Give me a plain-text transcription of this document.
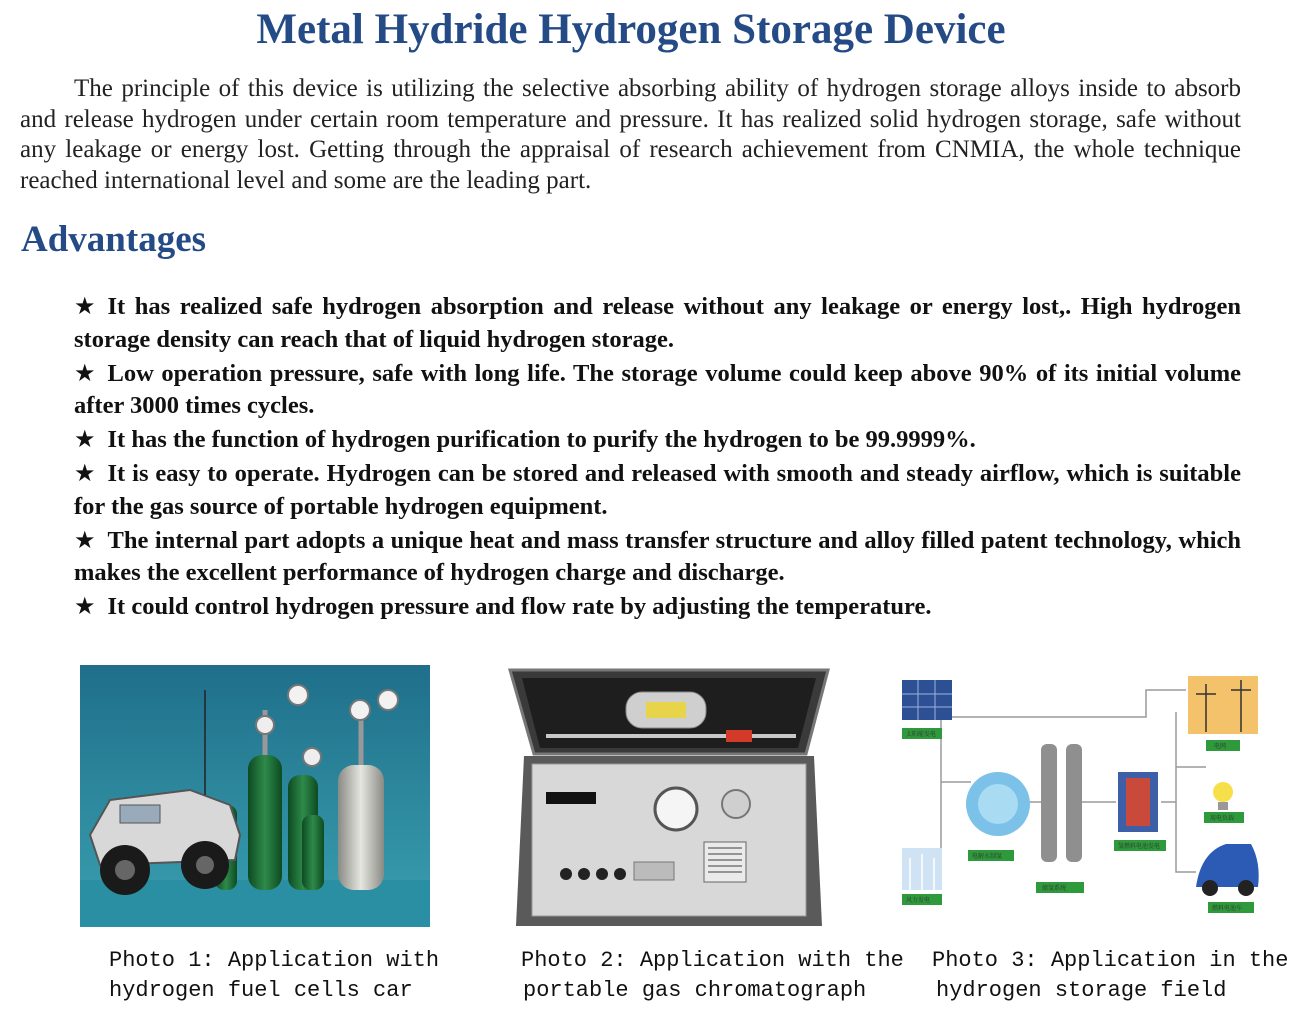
Metal Hydride Hydrogen Storage Device
The principle of this device is utilizing the selective absorbing ability of hydrogen storage alloys inside to absorb and release hydrogen under certain room temperature and pressure. It has realized solid hydrogen storage, safe without any leakage or energy lost. Getting through the appraisal of research achievement from CNMIA, the whole technique reached international level and some are the leading part.
Advantages
★ It has realized safe hydrogen absorption and release without any leakage or energy lost,. High hydrogen storage density can reach that of liquid hydrogen storage.
★ Low operation pressure, safe with long life. The storage volume could keep above 90% of its initial volume after 3000 times cycles.
★ It has the function of hydrogen purification to purify the hydrogen to be 99.9999%.
★ It is easy to operate. Hydrogen can be stored and released with smooth and steady airflow, which is suitable for the gas source of portable hydrogen equipment.
★ The internal part adopts a unique heat and mass transfer structure and alloy filled patent technology, which makes the excellent performance of hydrogen charge and discharge.
★ It could control hydrogen pressure and flow rate by adjusting the temperature.
太阳能发电
风力发电
电解水制氢
储氢系统
氢燃料电池发电
电网
用电负载
燃料电池车
Photo 1: Application with
hydrogen fuel cells car
Photo 2: Application with the
portable gas chromatograph
Photo 3: Application in the
hydrogen storage field
